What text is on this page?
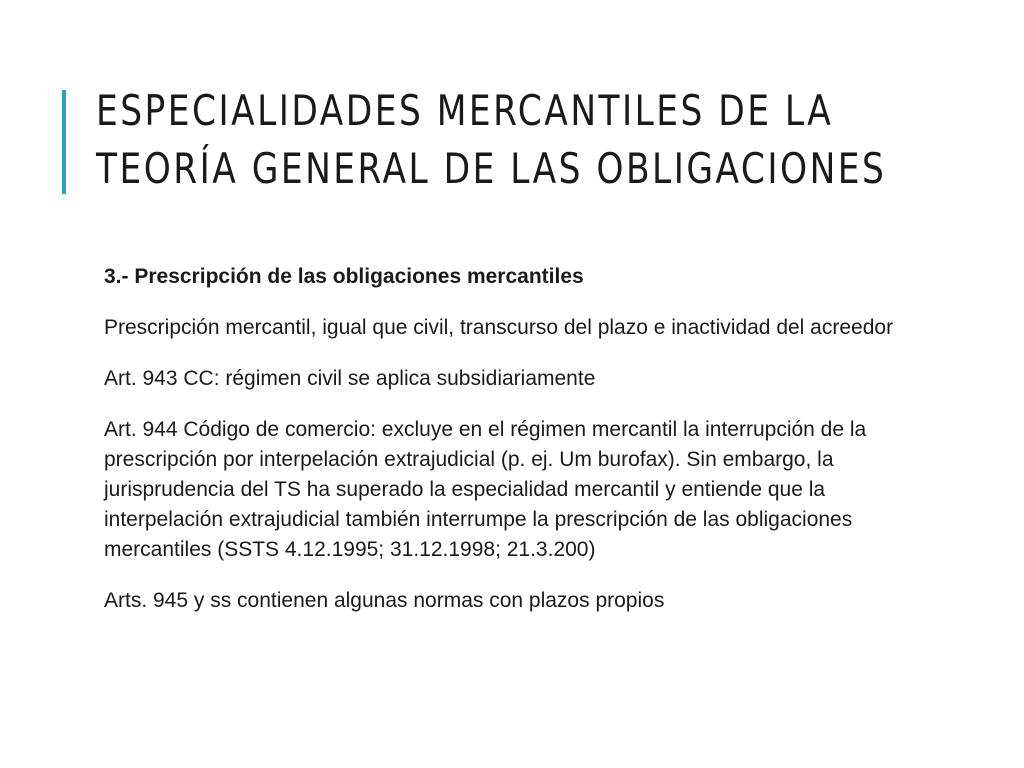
ESPECIALIDADES MERCANTILES DE LA
TEORÍA GENERAL DE LAS OBLIGACIONES

3.- Prescripción de las obligaciones mercantiles

Prescripción mercantil, igual que civil, transcurso del plazo e inactividad del acreedor

Art. 943 CC: régimen civil se aplica subsidiariamente

Art. 944 Código de comercio: excluye en el régimen mercantil la interrupción de la prescripción por interpelación extrajudicial (p. ej. Um burofax). Sin embargo, la jurisprudencia del TS ha superado la especialidad mercantil y entiende que la interpelación extrajudicial también interrumpe la prescripción de las obligaciones mercantiles (SSTS 4.12.1995; 31.12.1998; 21.3.200)

Arts. 945 y ss contienen algunas normas con plazos propios
